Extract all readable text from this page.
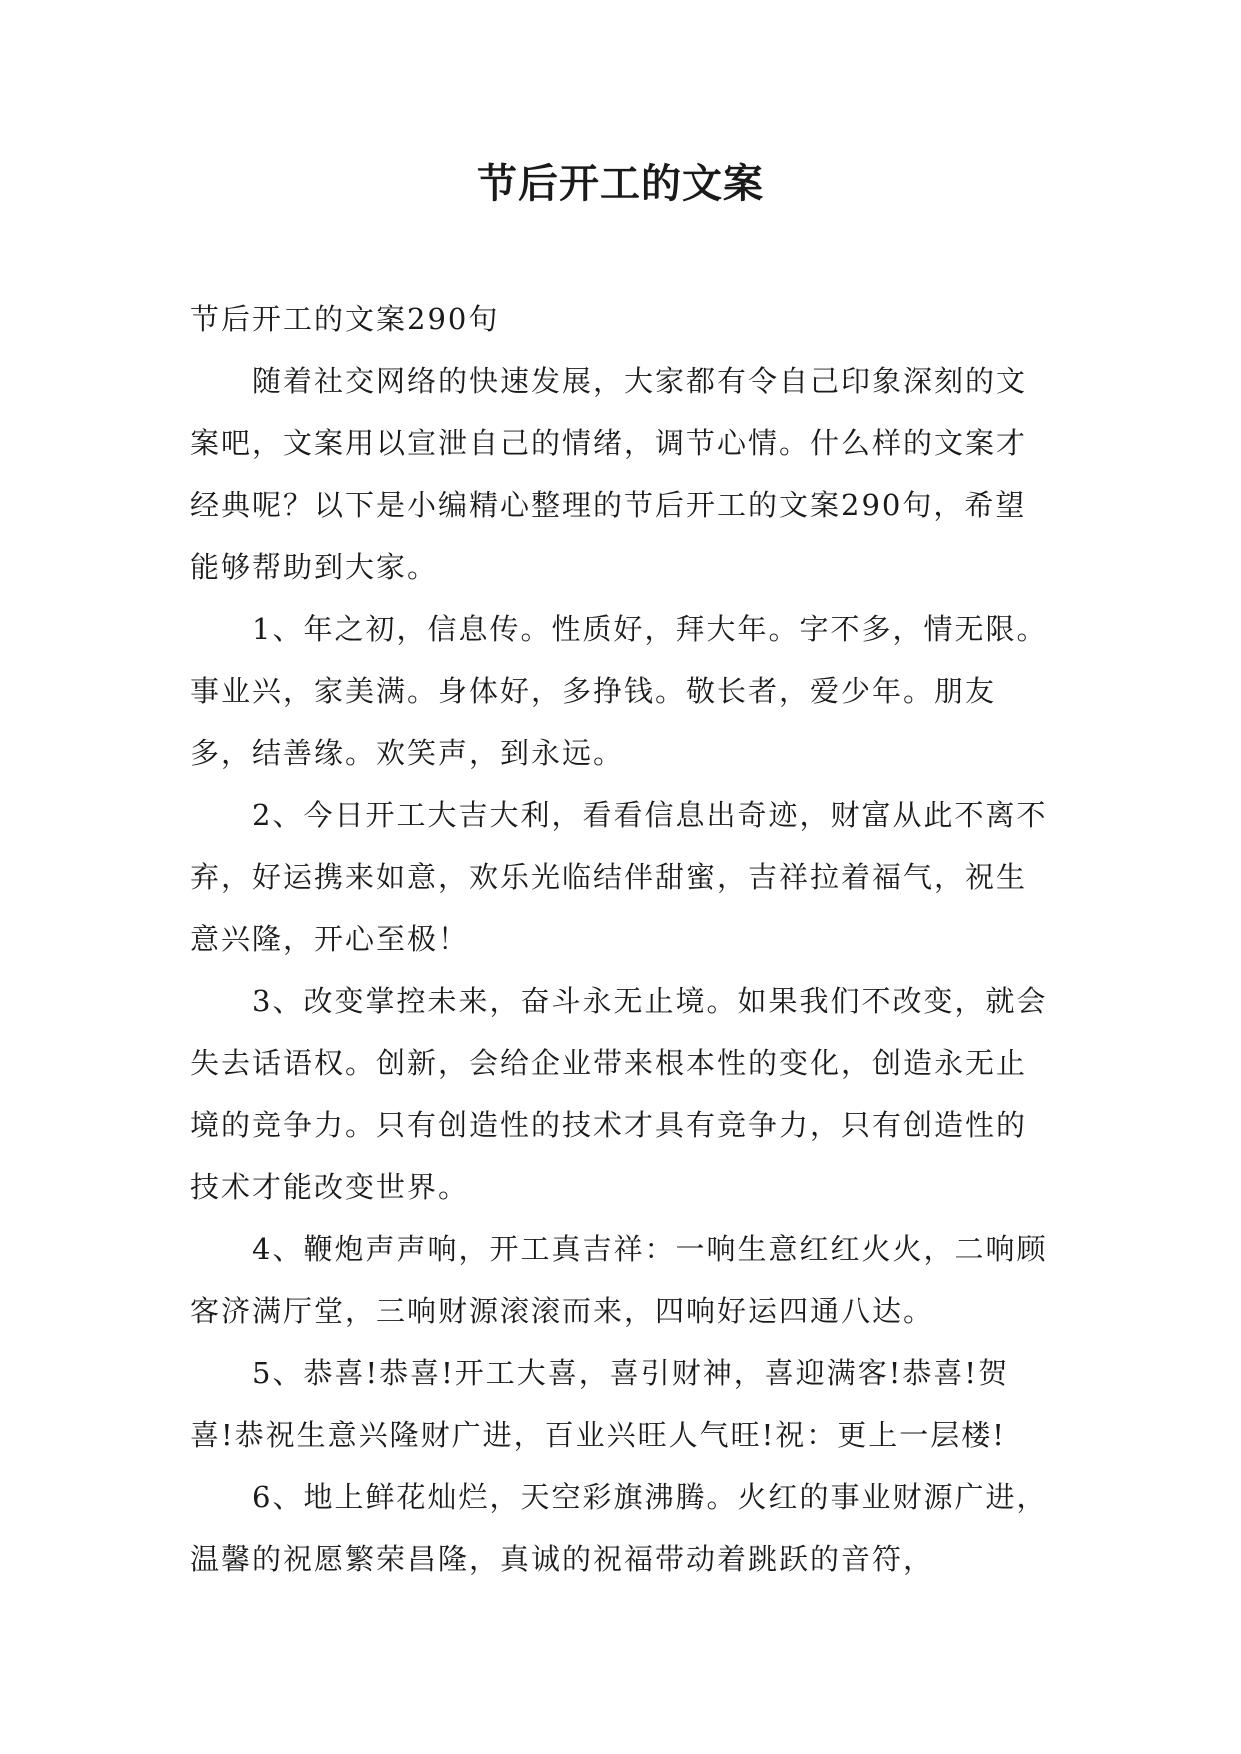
节后开工的文案

节后开工的文案290句

随着社交网络的快速发展，大家都有令自己印象深刻的文案吧，文案用以宣泄自己的情绪，调节心情。什么样的文案才经典呢？以下是小编精心整理的节后开工的文案290句，希望能够帮助到大家。

1、年之初，信息传。性质好，拜大年。字不多，情无限。事业兴，家美满。身体好，多挣钱。敬长者，爱少年。朋友多，结善缘。欢笑声，到永远。

2、今日开工大吉大利，看看信息出奇迹，财富从此不离不弃，好运携来如意，欢乐光临结伴甜蜜，吉祥拉着福气，祝生意兴隆，开心至极！

3、改变掌控未来，奋斗永无止境。如果我们不改变，就会失去话语权。创新，会给企业带来根本性的变化，创造永无止境的竞争力。只有创造性的技术才具有竞争力，只有创造性的技术才能改变世界。

4、鞭炮声声响，开工真吉祥：一响生意红红火火，二响顾客济满厅堂，三响财源滚滚而来，四响好运四通八达。

5、恭喜!恭喜!开工大喜，喜引财神，喜迎满客!恭喜!贺喜!恭祝生意兴隆财广进，百业兴旺人气旺!祝：更上一层楼!

6、地上鲜花灿烂，天空彩旗沸腾。火红的事业财源广进，温馨的祝愿繁荣昌隆，真诚的祝福带动着跳跃的音符，
